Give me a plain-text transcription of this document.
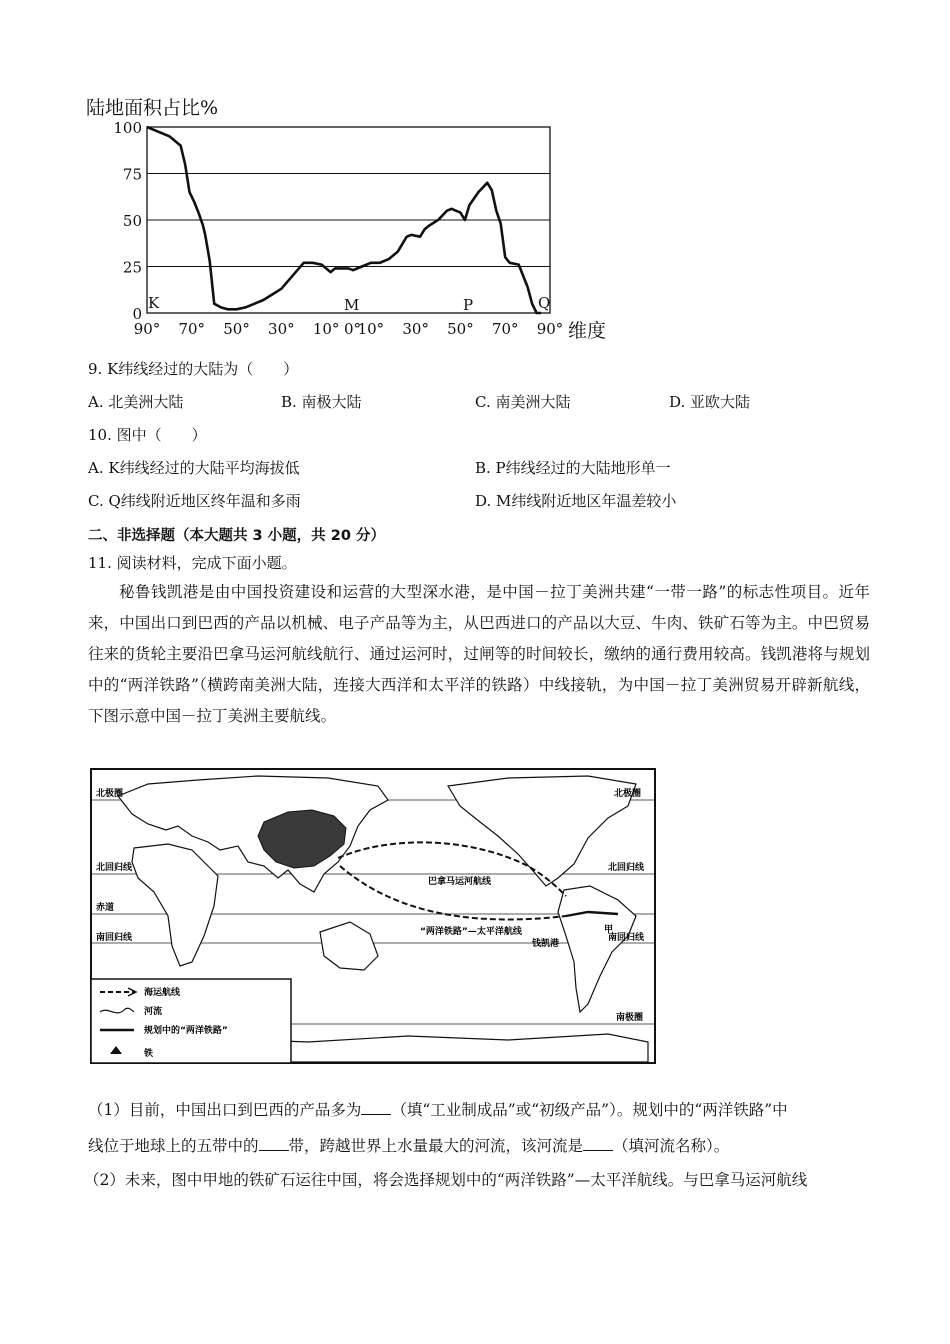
陆地面积占比%
100
75
50
25
0
90° 70° 50° 30° 10° 0°
10° 30° 50° 70° 90°
K	M	P	Q
维度
9. K纬线经过的大陆为（　　）
A. 北美洲大陆	B. 南极大陆	C. 南美洲大陆	D. 亚欧大陆
10. 图中（　　）
A. K纬线经过的大陆平均海拔低	B. P纬线经过的大陆地形单一
C. Q纬线附近地区终年温和多雨	D. M纬线附近地区年温差较小
二、非选择题（本大题共 3 小题，共 20 分）
11. 阅读材料，完成下面小题。
秘鲁钱凯港是由中国投资建设和运营的大型深水港，是中国－拉丁美洲共建“一带一路”的标志性项目。近年来，中国出口到巴西的产品以机械、电子产品等为主，从巴西进口的产品以大豆、牛肉、铁矿石等为主。中巴贸易往来的货轮主要沿巴拿马运河航线航行、通过运河时，过闸等的时间较长，缴纳的通行费用较高。钱凯港将与规划中的“两洋铁路”（横跨南美洲大陆，连接大西洋和太平洋的铁路）中线接轨，为中国－拉丁美洲贸易开辟新航线，下图示意中国－拉丁美洲主要航线。
巴拿马运河航线
“两洋铁路”—太平洋航线
钱凯港
甲
北极圈
北回归线
赤道
南回归线
北极圈
北回归线
南回归线
南极圈
海运航线
河流
规划中的“两洋铁路”
铁
（1）目前，中国出口到巴西的产品多为 （填“工业制成品”或“初级产品”）。规划中的“两洋铁路”中
线位于地球上的五带中的 带，跨越世界上水量最大的河流，该河流是 （填河流名称）。
（2）未来，图中甲地的铁矿石运往中国，将会选择规划中的“两洋铁路”—太平洋航线。与巴拿马运河航线
